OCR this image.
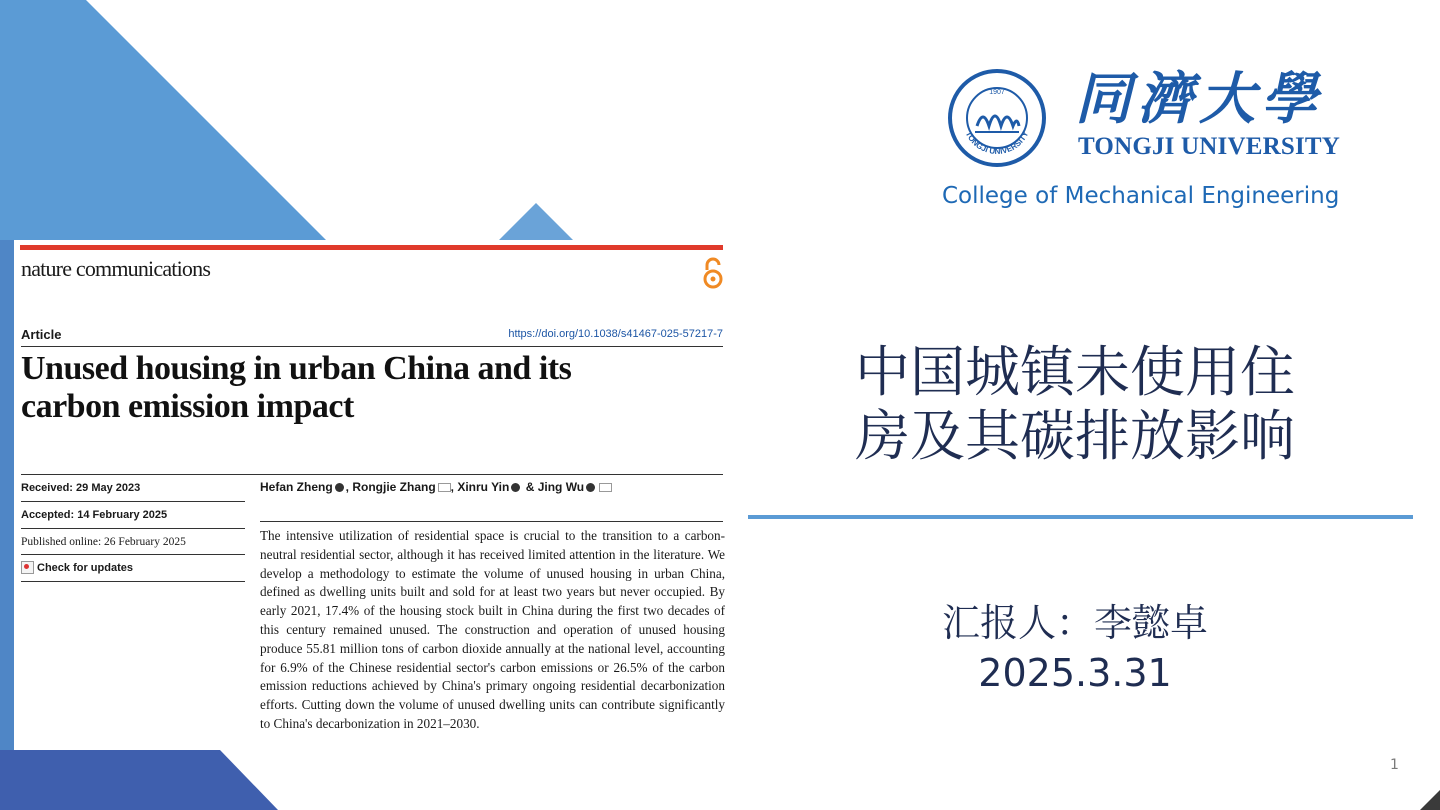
nature communications
Article	https://doi.org/10.1038/s41467-025-57217-7
Unused housing in urban China and its
carbon emission impact
Received: 29 May 2023
Accepted: 14 February 2025
Published online: 26 February 2025
Check for updates
Hefan Zheng , Rongjie Zhang , Xinru Yin & Jing Wu
The intensive utilization of residential space is crucial to the transition to a carbon-neutral residential sector, although it has received limited attention in the literature. We develop a methodology to estimate the volume of unused housing in urban China, defined as dwelling units built and sold for at least two years but never occupied. By early 2021, 17.4% of the housing stock built in China during the first two decades of this century remained unused. The construction and operation of unused housing produce 55.81 million tons of carbon dioxide annually at the national level, accounting for 6.9% of the Chinese residential sector's carbon emissions or 26.5% of the carbon emission reductions achieved by China's primary ongoing residential decarbonization efforts. Cutting down the volume of unused dwelling units can contribute significantly to China's decarbonization in 2021–2030.
1907
TONGJI UNIVERSITY
同濟大學
TONGJI UNIVERSITY
College of Mechanical Engineering
中国城镇未使用住
房及其碳排放影响
汇报人：李懿卓
2025.3.31
1
